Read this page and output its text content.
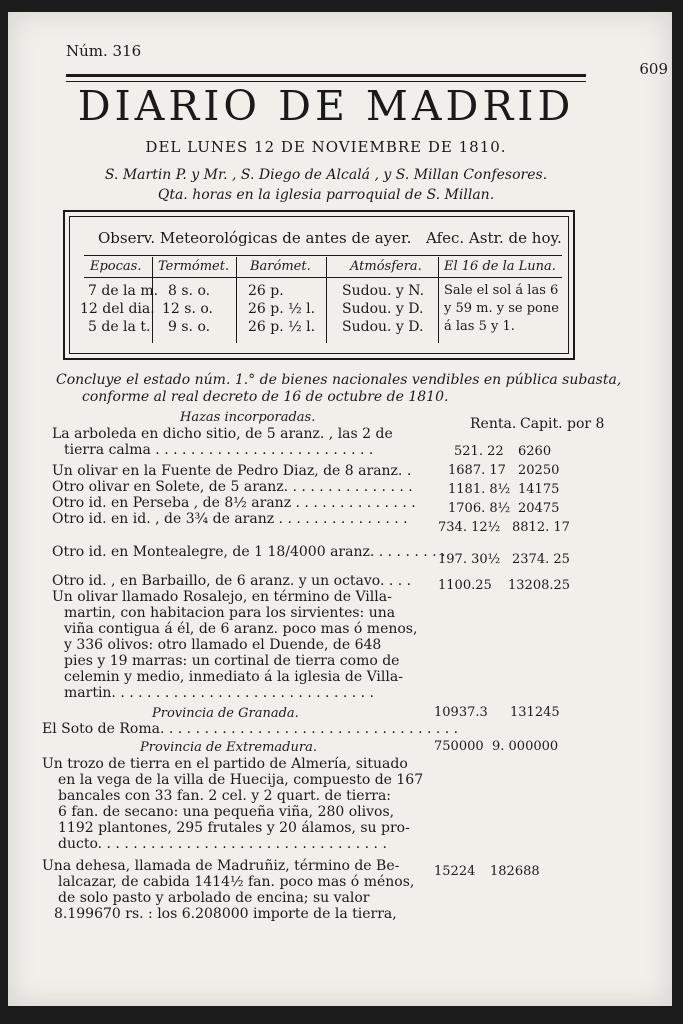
Núm. 316
609
DIARIO DE MADRID
DEL LUNES 12 DE NOVIEMBRE DE 1810.
S. Martin P. y Mr. , S. Diego de Alcalá , y S. Millan Confesores.
Qta. horas en la iglesia parroquial de S. Millan.
Observ. Meteorológicas de antes de ayer. Afec. Astr. de hoy.
Epocas. Termómet. Barómet.	Atmósfera. El 16 de la Luna.
7 de la m.
12 del dia.
5 de la t.
8 s. o.
12 s. o.
9 s. o.
26 p.
26 p. ½ l.
26 p. ½ l.
Sudou. y N.
Sudou. y D.
Sudou. y D.
Sale el sol á las 6
y 59 m. y se pone
á las 5 y 1.
Concluye el estado núm. 1.° de bienes nacionales vendibles en pública subasta,
conforme al real decreto de 16 de octubre de 1810.
Hazas incorporadas.	Renta. Capit. por 8
La arboleda en dicho sitio, de 5 aranz. , las 2 de
tierra calma . . . . . . . . . . . . . . . . . . . . . . . . .
Un olivar en la Fuente de Pedro Diaz, de 8 aranz. .
Otro olivar en Solete, de 5 aranz. . . . . . . . . . . . . . .
Otro id. en Perseba , de 8½ aranz . . . . . . . . . . . . . .
Otro id. en id. , de 3¾ de aranz . . . . . . . . . . . . . . .
Otro id. en Montealegre, de 1 18/4000 aranz. . . . . . . . .
Otro id. , en Barbaillo, de 6 aranz. y un octavo. . . .
Un olivar llamado Rosalejo, en término de Villa-
martin, con habitacion para los sirvientes: una
viña contigua á él, de 6 aranz. poco mas ó menos,
y 336 olivos: otro llamado el Duende, de 648
pies y 19 marras: un cortinal de tierra como de
celemin y medio, inmediato á la iglesia de Villa-
martin. . . . . . . . . . . . . . . . . . . . . . . . . . . . . .
Provincia de Granada.
El Soto de Roma. . . . . . . . . . . . . . . . . . . . . . . . . . . . . . . . . .
Provincia de Extremadura.
Un trozo de tierra en el partido de Almería, situado
en la vega de la villa de Huecija, compuesto de 167
bancales con 33 fan. 2 cel. y 2 quart. de tierra:
6 fan. de secano: una pequeña viña, 280 olivos,
1192 plantones, 295 frutales y 20 álamos, su pro-
ducto. . . . . . . . . . . . . . . . . . . . . . . . . . . . . . . . .
Una dehesa, llamada de Madruñiz, término de Be-
lalcazar, de cabida 1414½ fan. poco mas ó ménos,
de solo pasto y arbolado de encina; su valor
8.199670 rs. : los 6.208000 importe de la tierra,
521. 22 6260
1687. 17 20250
1181. 8½ 14175
1706. 8½ 20475
734. 12½ 8812. 17
197. 30½ 2374. 25
1100.25 13208.25
10937.3 131245
750000 9. 000000
15224 182688
